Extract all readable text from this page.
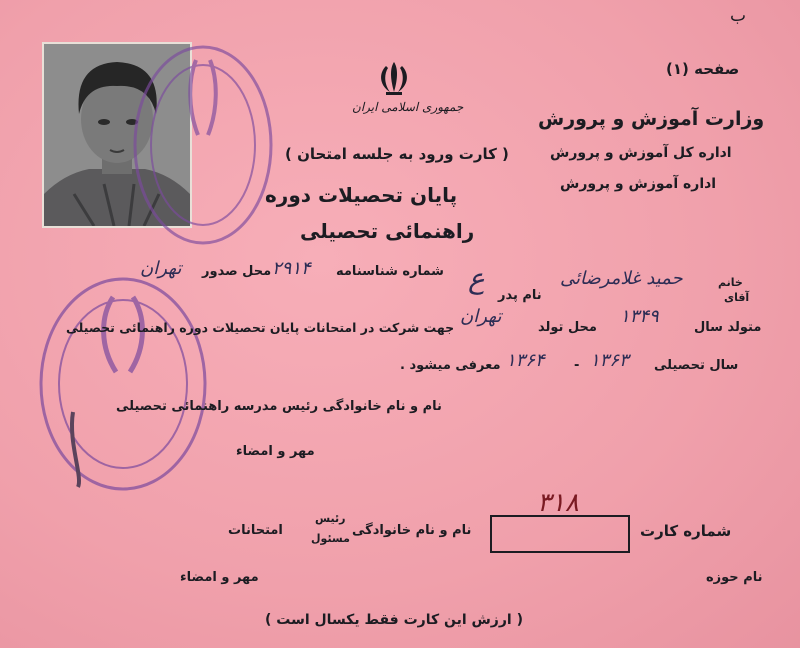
ب
صفحه (۱)
جمهوری اسلامی ایران
وزارت آموزش و پرورش
اداره کل آموزش و پرورش
اداره آموزش و پرورش
( کارت ورود به جلسه امتحان )
پایان تحصیلات دوره
راهنمائی تحصیلی
خانم
آقای
حمید غلامرضائی
نام پدر
ع
شماره شناسنامه
۲۹۱۴
محل صدور
تهران
متولد سال
۱۳۴۹
محل تولد
تهران
جهت شرکت در امتحانات پایان تحصیلات دوره راهنمائی تحصیلی
سال تحصیلی
۱۳۶۳
-
۱۳۶۴
معرفی میشود .
نام و نام خانوادگی رئیس مدرسه راهنمائی تحصیلی
مهر و امضاء
شماره کارت
۳۱۸
نام و نام خانوادگی
رئیس
مسئول
امتحانات
نام حوزه
مهر و امضاء
( ارزش این کارت فقط یکسال است )
